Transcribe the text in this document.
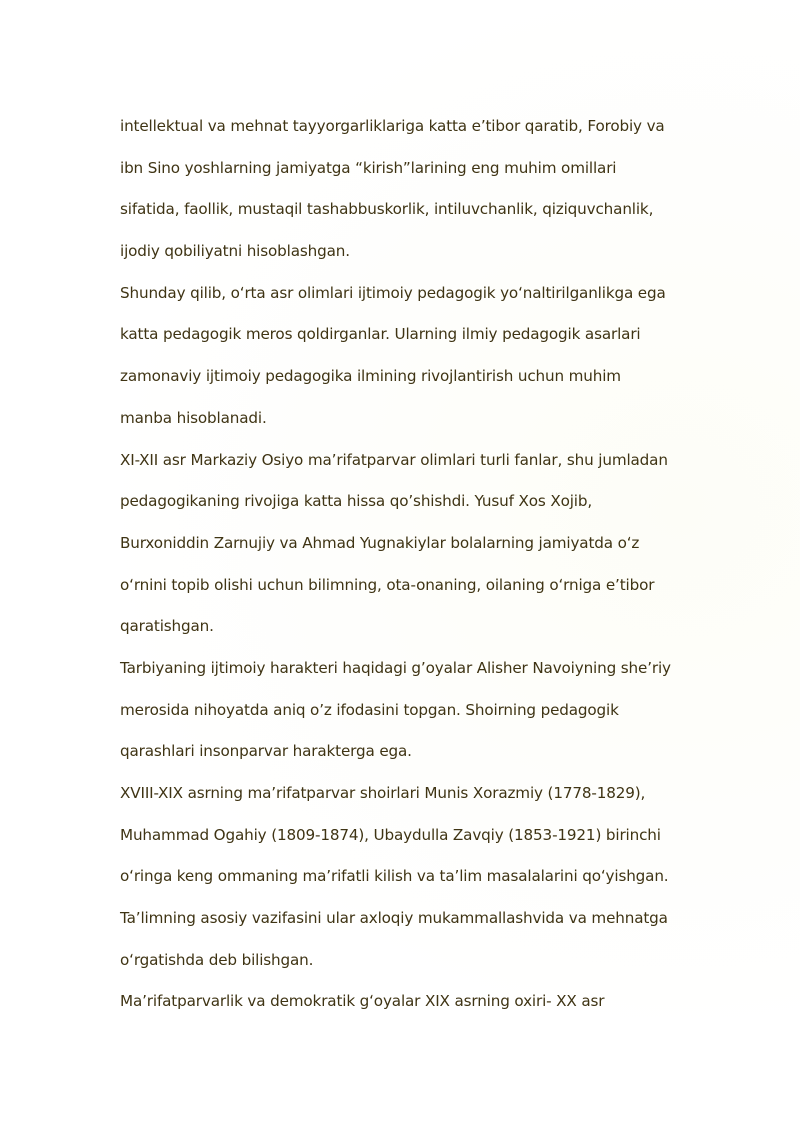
intellektual va mehnat tayyorgarliklariga katta e’tibor qaratib, Forobiy va
ibn Sino yoshlarning jamiyatga “kirish”larining eng muhim omillari
sifatida, faollik, mustaqil tashabbuskorlik, intiluvchanlik, qiziquvchanlik,
ijodiy qobiliyatni hisoblashgan.
Shunday qilib, oʻrta asr olimlari ijtimoiy pedagogik yoʻnaltirilganlikga ega
katta pedagogik meros qoldirganlar. Ularning ilmiy pedagogik asarlari
zamonaviy ijtimoiy pedagogika ilmining rivojlantirish uchun muhim
manba hisoblanadi.
XI-XII asr Markaziy Osiyo ma’rifatparvar olimlari turli fanlar, shu jumladan
pedagogikaning rivojiga katta hissa qo’shishdi. Yusuf Xos Xojib,
Burxoniddin Zarnujiy va Ahmad Yugnakiylar bolalarning jamiyatda oʻz
oʻrnini topib olishi uchun bilimning, ota-onaning, oilaning oʻrniga e’tibor
qaratishgan.
Tarbiyaning ijtimoiy harakteri haqidagi g’oyalar Alisher Navoiyning she’riy
merosida nihoyatda aniq o’z ifodasini topgan. Shoirning pedagogik
qarashlari insonparvar harakterga ega.
XVIII-XIX asrning ma’rifatparvar shoirlari Munis Xorazmiy (1778-1829),
Muhammad Ogahiy (1809-1874), Ubaydulla Zavqiy (1853-1921) birinchi
oʻringa keng ommaning ma’rifatli kilish va ta’lim masalalarini qoʻyishgan.
Ta’limning asosiy vazifasini ular axloqiy mukammallashvida va mehnatga
oʻrgatishda deb bilishgan.
Ma’rifatparvarlik va demokratik gʻoyalar XIX asrning oxiri- XX asr
